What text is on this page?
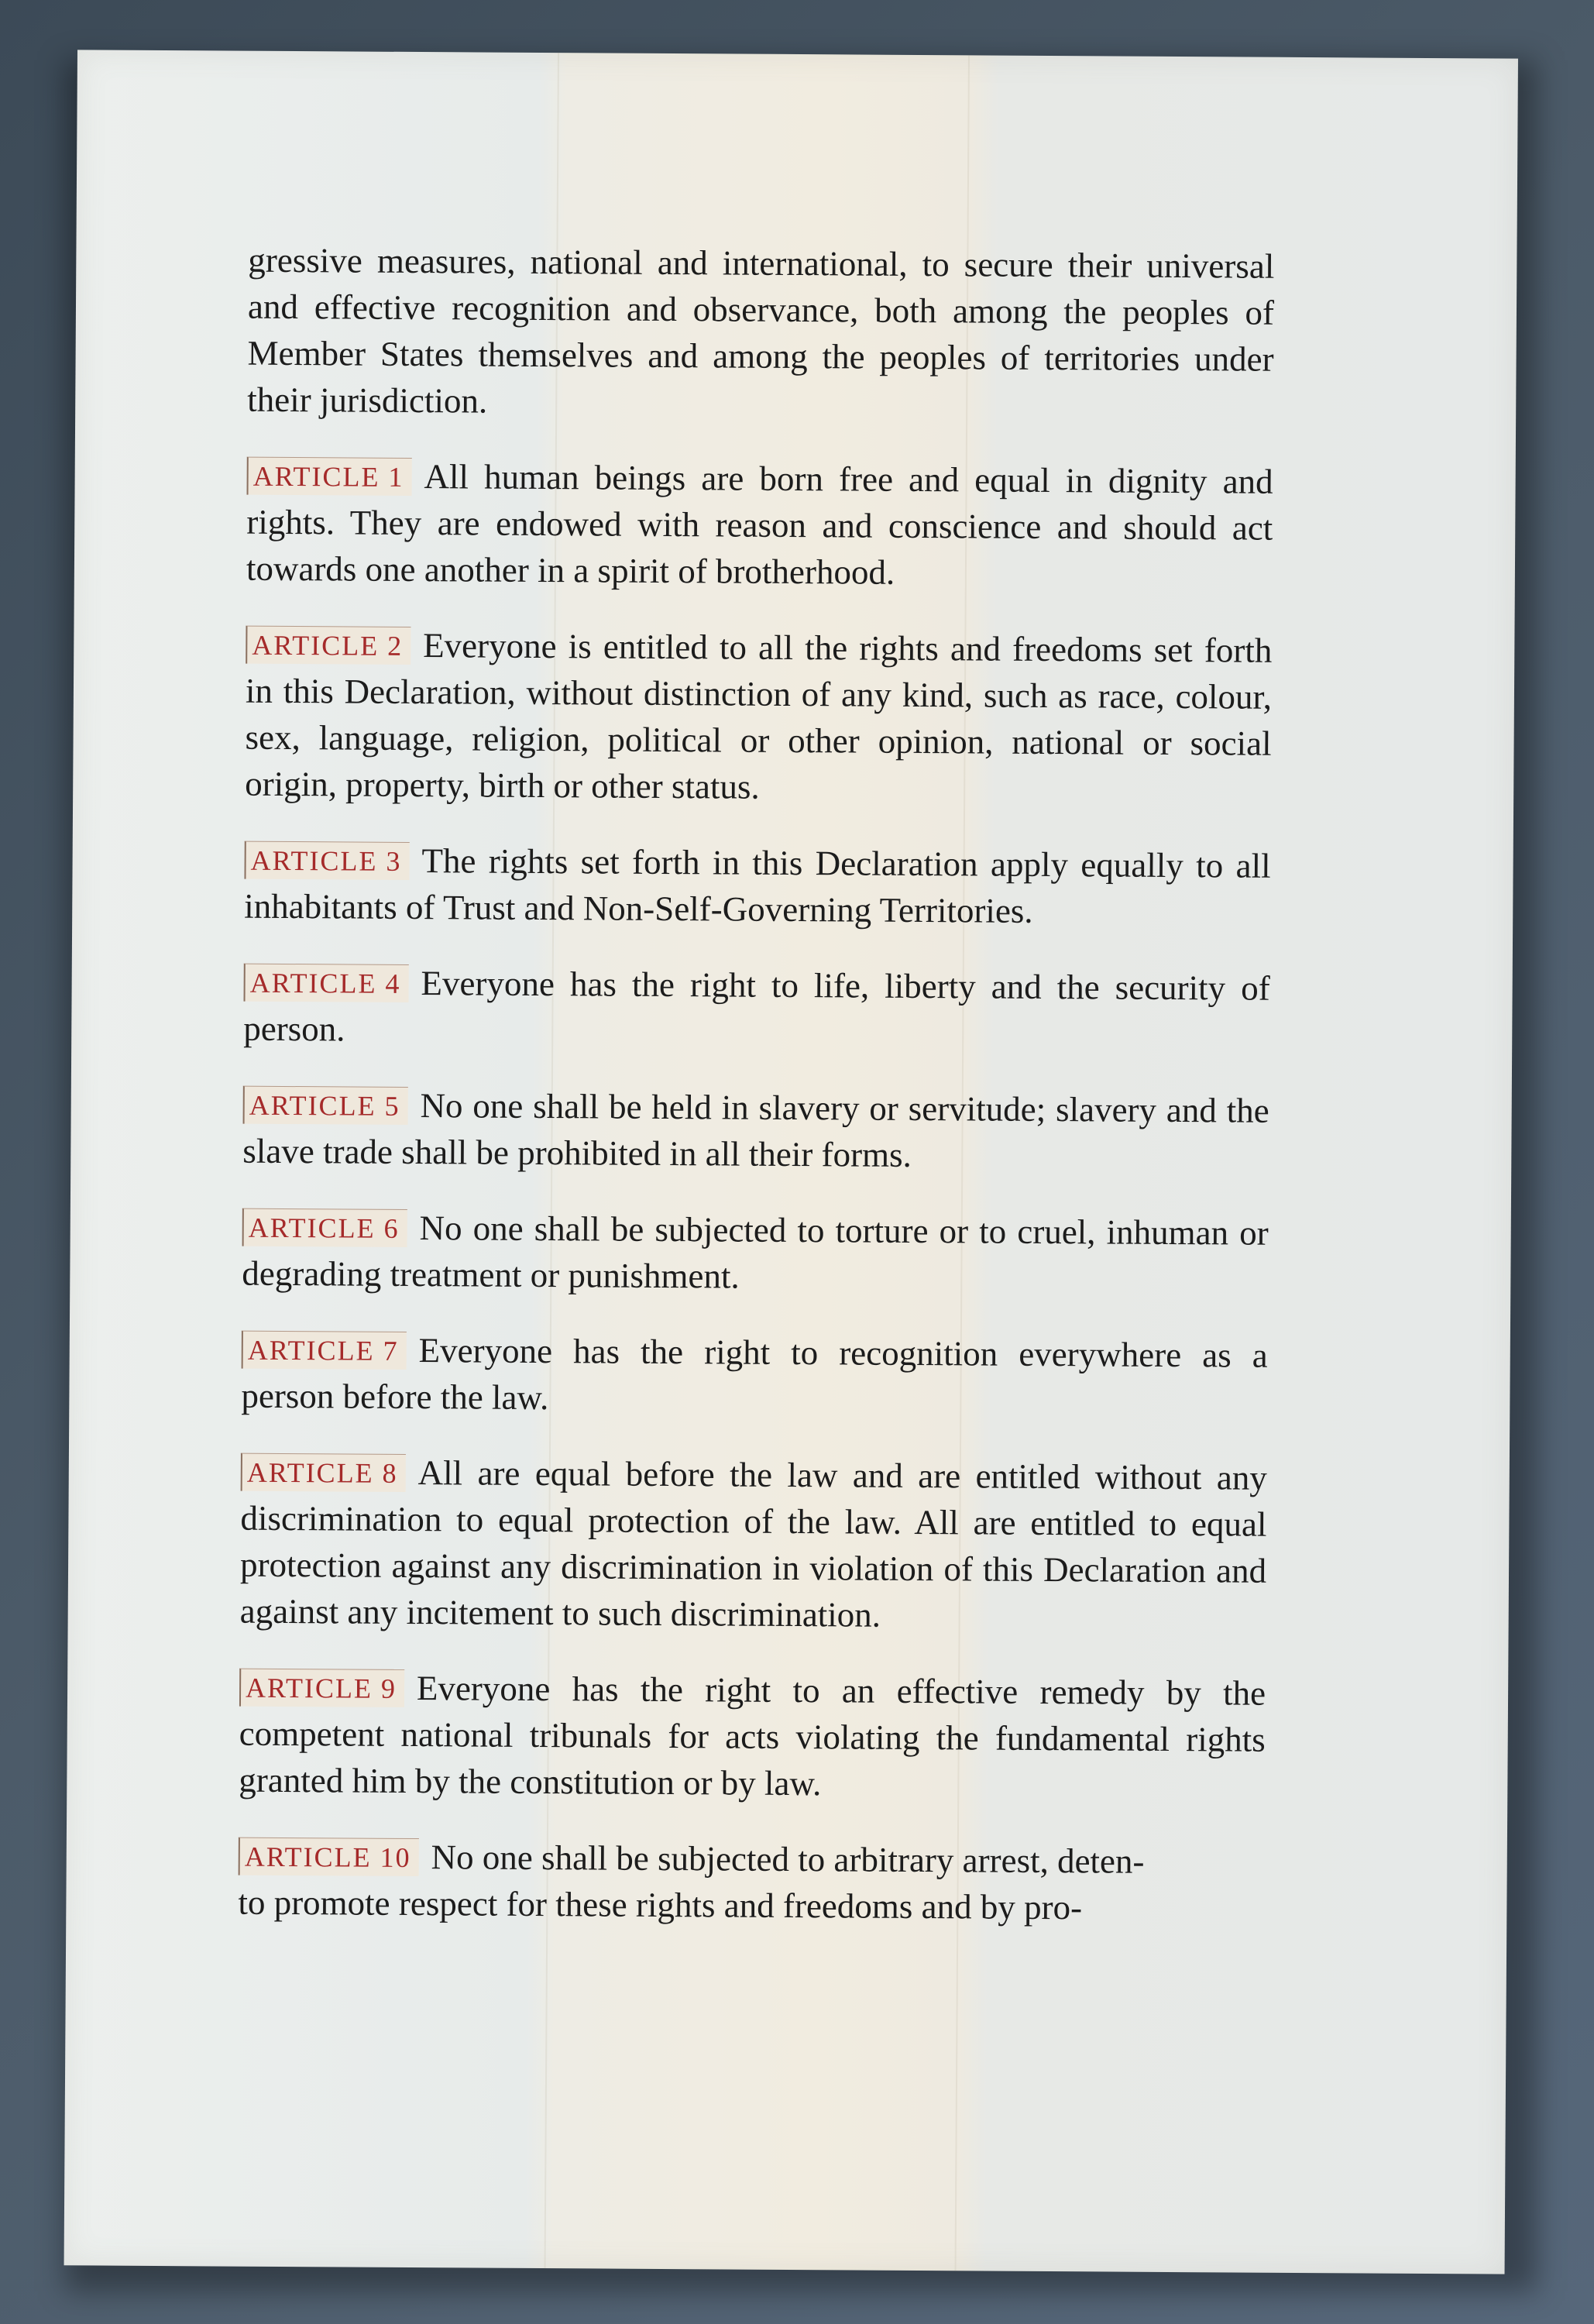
gressive measures, national and international, to secure their universal and effective recognition and observance, both among the peoples of Member States themselves and among the peoples of territories under their jurisdiction.

ARTICLE 1 All human beings are born free and equal in dignity and rights. They are endowed with reason and conscience and should act towards one another in a spirit of brotherhood.

ARTICLE 2 Everyone is entitled to all the rights and freedoms set forth in this Declaration, without distinction of any kind, such as race, colour, sex, language, religion, political or other opinion, national or social origin, property, birth or other status.

ARTICLE 3 The rights set forth in this Declaration apply equally to all inhabitants of Trust and Non-Self-Governing Territories.

ARTICLE 4 Everyone has the right to life, liberty and the security of person.

ARTICLE 5 No one shall be held in slavery or servitude; slavery and the slave trade shall be prohibited in all their forms.

ARTICLE 6 No one shall be subjected to torture or to cruel, inhuman or degrading treatment or punishment.

ARTICLE 7 Everyone has the right to recognition everywhere as a person before the law.

ARTICLE 8 All are equal before the law and are entitled without any discrimination to equal protection of the law. All are entitled to equal protection against any discrimination in violation of this Declaration and against any incitement to such discrimination.

ARTICLE 9 Everyone has the right to an effective remedy by the competent national tribunals for acts violating the fundamental rights granted him by the constitution or by law.

ARTICLE 10 No one shall be subjected to arbitrary arrest, deten-
to promote respect for these rights and freedoms and by pro-
